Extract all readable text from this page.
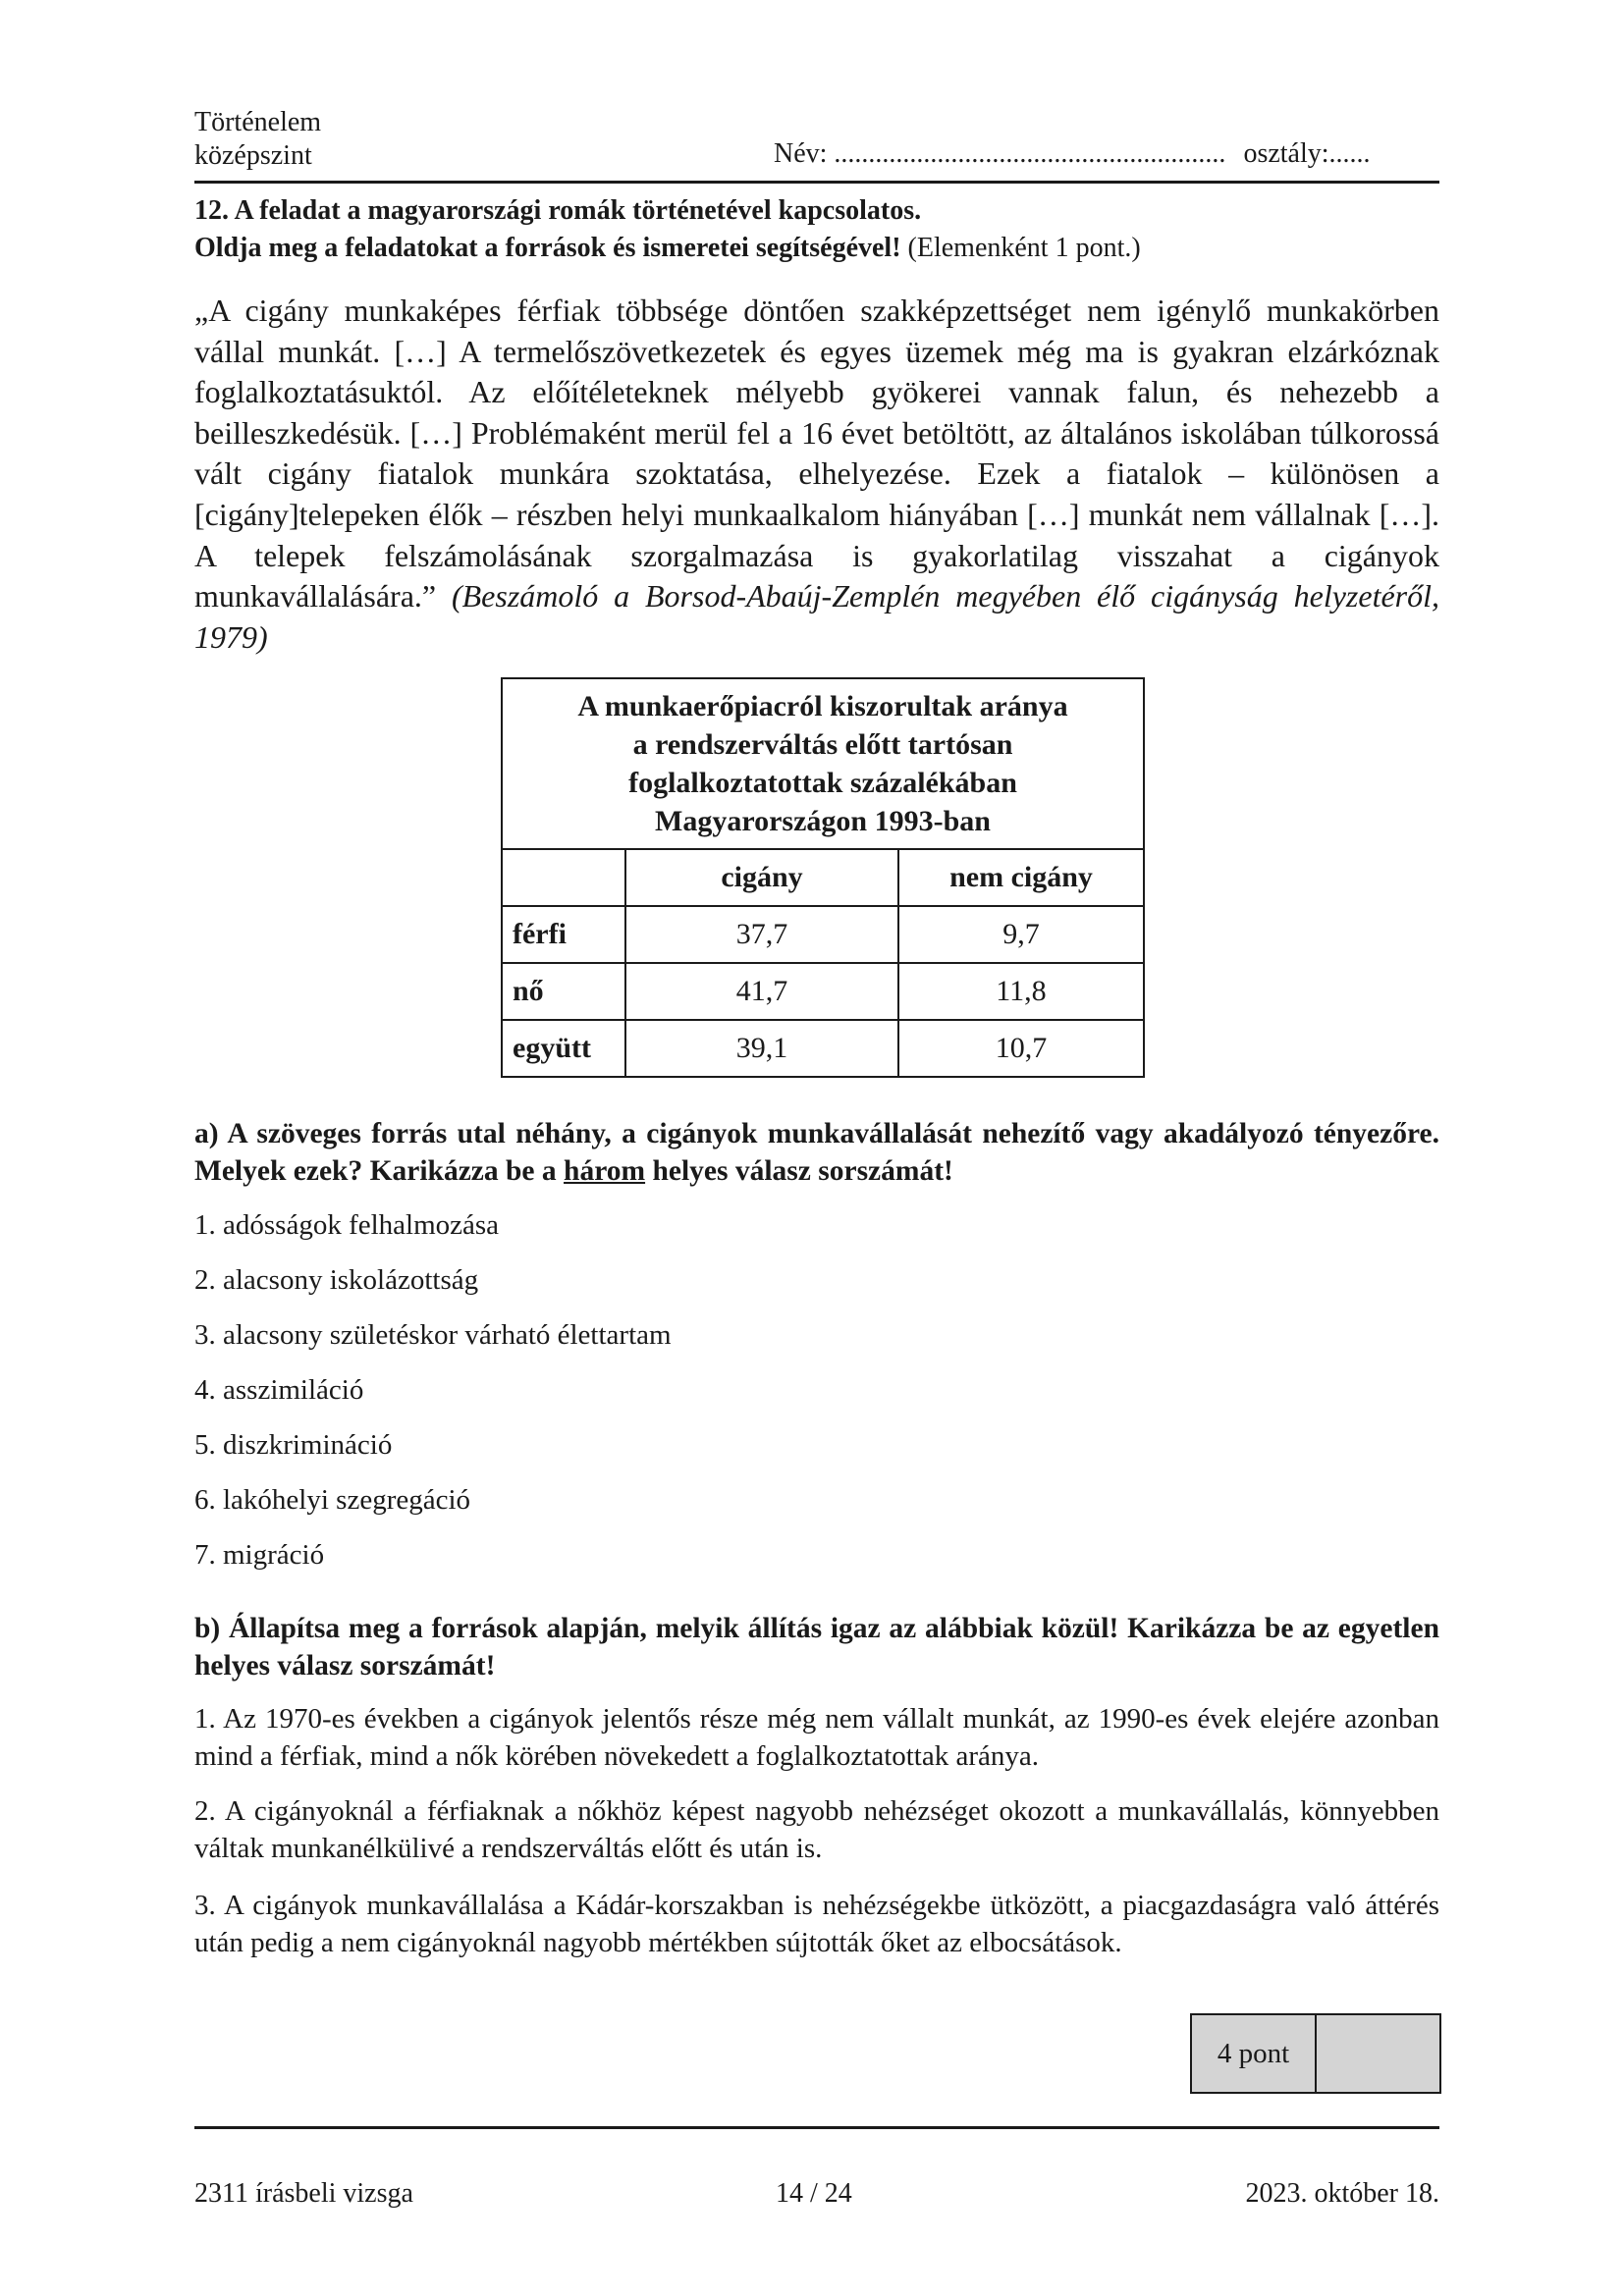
Történelem
középszint	Név: ......................................................... osztály:......
12. A feladat a magyarországi romák történetével kapcsolatos.
Oldja meg a feladatokat a források és ismeretei segítségével! (Elemenként 1 pont.)
„A cigány munkaképes férfiak többsége döntően szakképzettséget nem igénylő munkakörben vállal munkát. […] A termelőszövetkezetek és egyes üzemek még ma is gyakran elzárkóznak foglalkoztatásuktól. Az előítéleteknek mélyebb gyökerei vannak falun, és nehezebb a beilleszkedésük. […] Problémaként merül fel a 16 évet betöltött, az általános iskolában túlkorossá vált cigány fiatalok munkára szoktatása, elhelyezése. Ezek a fiatalok – különösen a [cigány]telepeken élők – részben helyi munkaalkalom hiányában […] munkát nem vállalnak […]. A telepek felszámolásának szorgalmazása is gyakorlatilag visszahat a cigányok munkavállalására.” (Beszámoló a Borsod-Abaúj-Zemplén megyében élő cigányság helyzetéről, 1979)
A munkaerőpiacról kiszorultak aránya
a rendszerváltás előtt tartósan
foglalkoztatottak százalékában
Magyarországon 1993-ban		

	cigány	nem cigány
férfi	37,7	9,7
nő	41,7	11,8
együtt	39,1	10,7
a) A szöveges forrás utal néhány, a cigányok munkavállalását nehezítő vagy akadályozó tényezőre. Melyek ezek? Karikázza be a három helyes válasz sorszámát!
1. adósságok felhalmozása
2. alacsony iskolázottság
3. alacsony születéskor várható élettartam
4. asszimiláció
5. diszkrimináció
6. lakóhelyi szegregáció
7. migráció
b) Állapítsa meg a források alapján, melyik állítás igaz az alábbiak közül! Karikázza be az egyetlen helyes válasz sorszámát!
1. Az 1970-es években a cigányok jelentős része még nem vállalt munkát, az 1990-es évek elejére azonban mind a férfiak, mind a nők körében növekedett a foglalkoztatottak aránya.
2. A cigányoknál a férfiaknak a nőkhöz képest nagyobb nehézséget okozott a munkavállalás, könnyebben váltak munkanélkülivé a rendszerváltás előtt és után is.
3. A cigányok munkavállalása a Kádár-korszakban is nehézségekbe ütközött, a piacgazdaságra való áttérés után pedig a nem cigányoknál nagyobb mértékben sújtották őket az elbocsátások.
4 pont
2311 írásbeli vizsga	14 / 24	2023. október 18.
